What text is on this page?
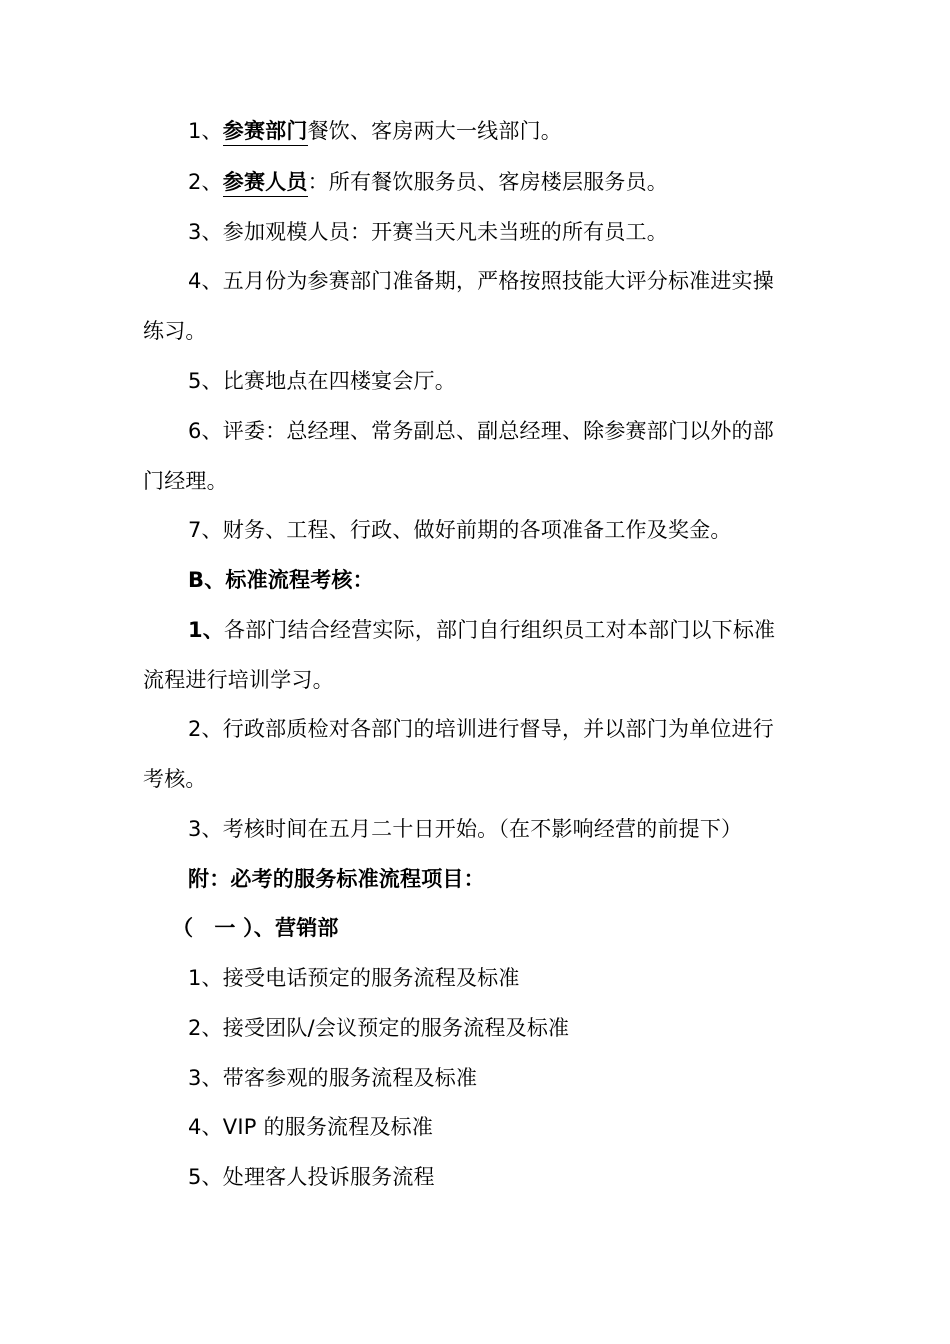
1、参赛部门餐饮、客房两大一线部门。
2、参赛人员：所有餐饮服务员、客房楼层服务员。
3、参加观模人员：开赛当天凡未当班的所有员工。
4、五月份为参赛部门准备期，严格按照技能大评分标准进实操
练习。
5、比赛地点在四楼宴会厅。
6、评委：总经理、常务副总、副总经理、除参赛部门以外的部
门经理。
7、财务、工程、行政、做好前期的各项准备工作及奖金。
B、标准流程考核：
1、各部门结合经营实际，部门自行组织员工对本部门以下标准
流程进行培训学习。
2、行政部质检对各部门的培训进行督导，并以部门为单位进行
考核。
3、考核时间在五月二十日开始。（在不影响经营的前提下）
附：必考的服务标准流程项目：
（　一 ）、营销部
1、接受电话预定的服务流程及标准
2、接受团队/会议预定的服务流程及标准
3、带客参观的服务流程及标准
4、VIP 的服务流程及标准
5、处理客人投诉服务流程
